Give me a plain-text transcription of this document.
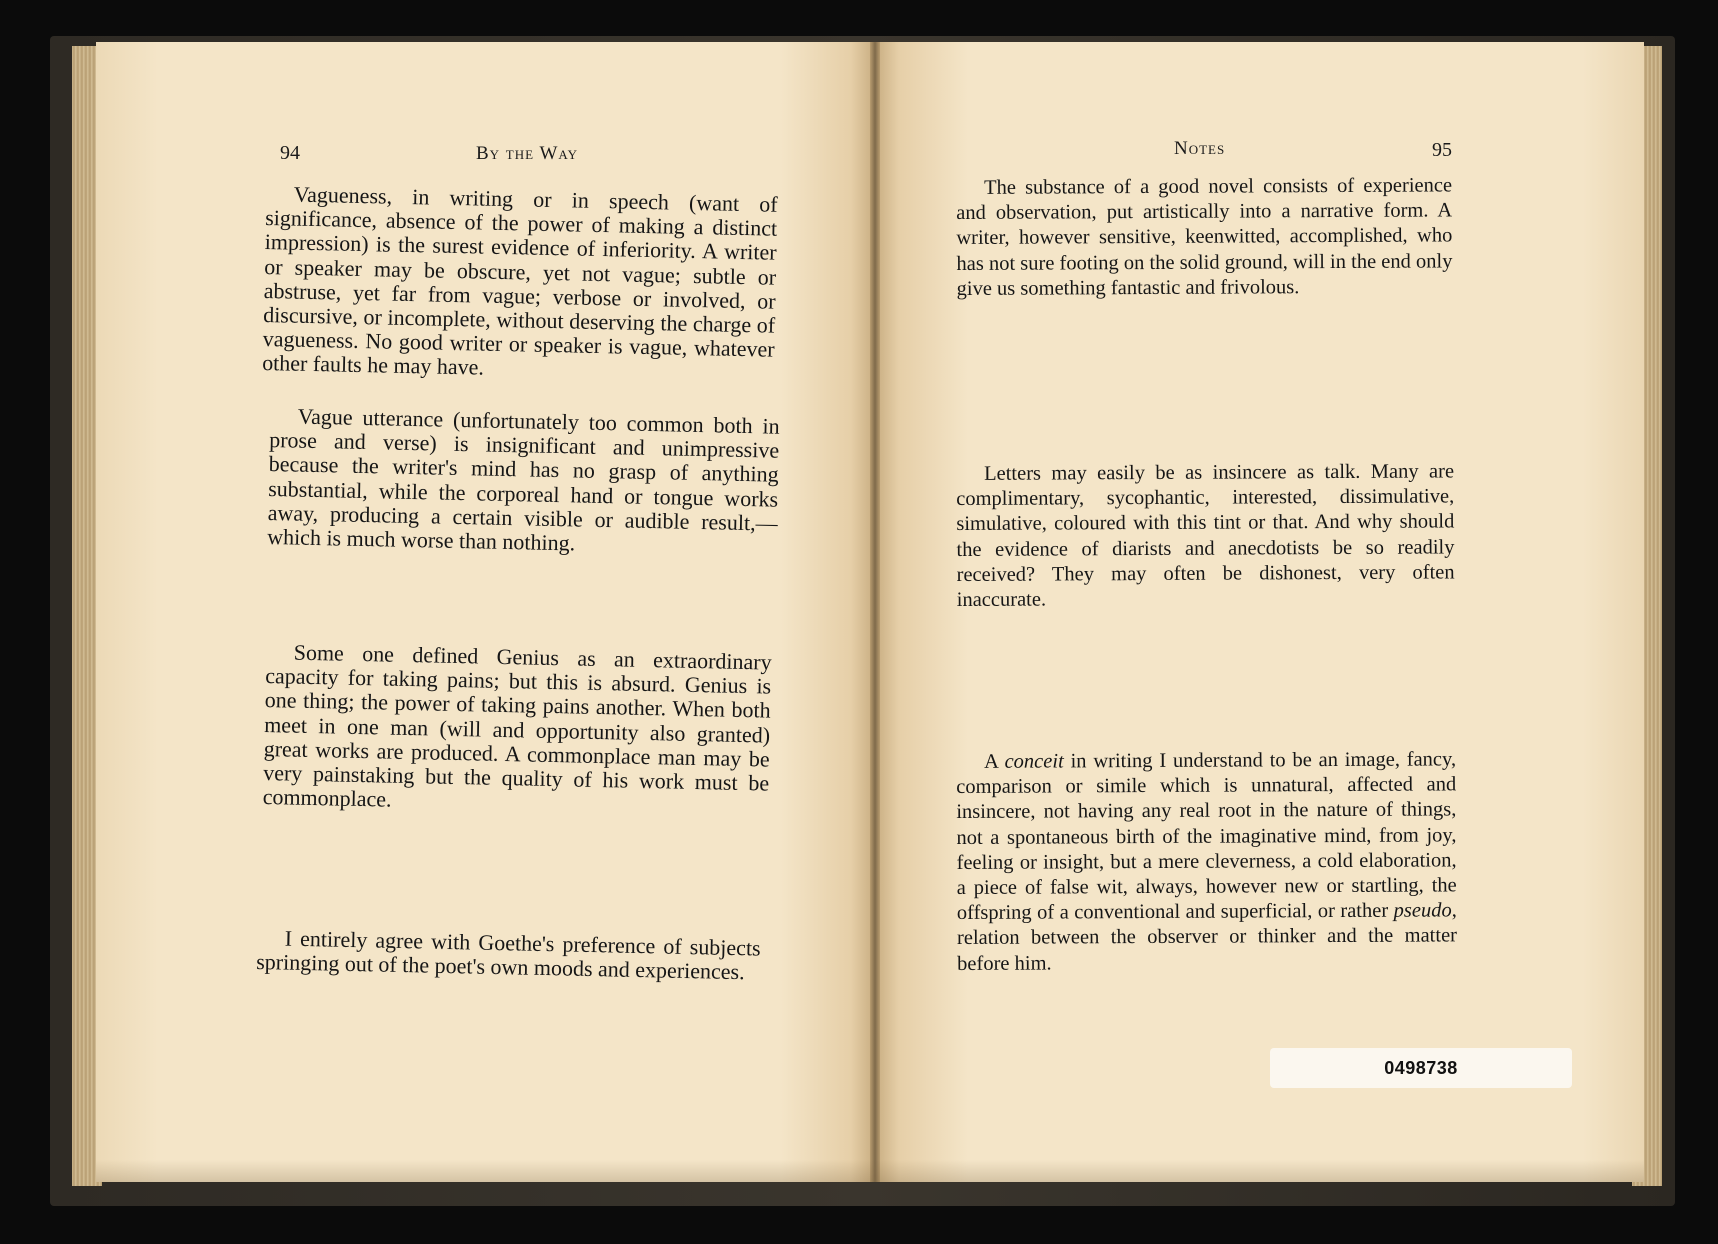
94	By the Way

Vagueness, in writing or in speech (want of significance, absence of the power of making a distinct impression) is the surest evidence of inferiority. A writer or speaker may be obscure, yet not vague; subtle or abstruse, yet far from vague; verbose or involved, or discursive, or incomplete, without deserving the charge of vagueness. No good writer or speaker is vague, whatever other faults he may have.

Vague utterance (unfortunately too common both in prose and verse) is insignificant and unimpressive because the writer's mind has no grasp of anything substantial, while the corporeal hand or tongue works away, producing a certain visible or audible result,—which is much worse than nothing.

Some one defined Genius as an extraordinary capacity for taking pains; but this is absurd. Genius is one thing; the power of taking pains another. When both meet in one man (will and opportunity also granted) great works are produced. A commonplace man may be very painstaking but the quality of his work must be commonplace.

I entirely agree with Goethe's preference of subjects springing out of the poet's own moods and experiences.

Notes	95

The substance of a good novel consists of experience and observation, put artistically into a narrative form. A writer, however sensitive, keenwitted, accomplished, who has not sure footing on the solid ground, will in the end only give us something fantastic and frivolous.

Letters may easily be as insincere as talk. Many are complimentary, sycophantic, interested, dissimulative, simulative, coloured with this tint or that. And why should the evidence of diarists and anecdotists be so readily received? They may often be dishonest, very often inaccurate.

A conceit in writing I understand to be an image, fancy, comparison or simile which is unnatural, affected and insincere, not having any real root in the nature of things, not a spontaneous birth of the imaginative mind, from joy, feeling or insight, but a mere cleverness, a cold elaboration, a piece of false wit, always, however new or startling, the offspring of a conventional and superficial, or rather pseudo, relation between the observer or thinker and the matter before him.

0498738
